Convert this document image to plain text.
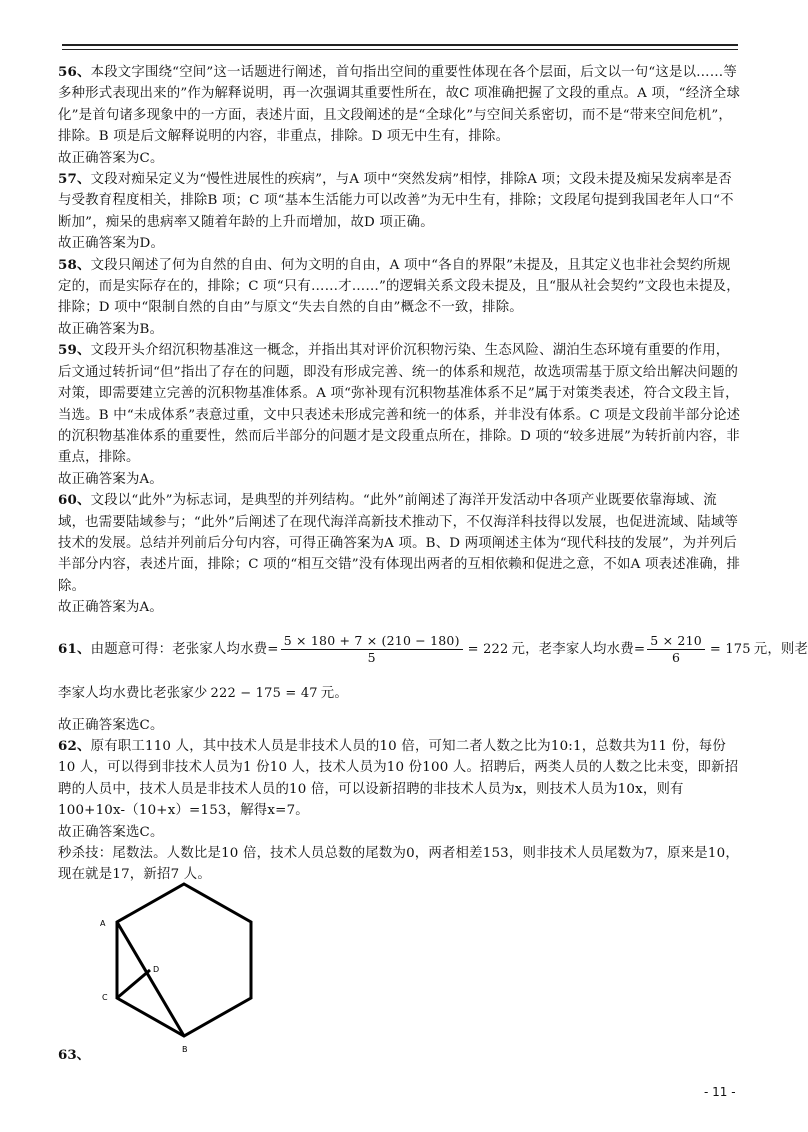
56、本段文字围绕“空间”这一话题进行阐述，首句指出空间的重要性体现在各个层面，后文以一句“这是以……等多种形式表现出来的”作为解释说明，再一次强调其重要性所在，故C 项准确把握了文段的重点。A 项，“经济全球化”是首句诸多现象中的一方面，表述片面，且文段阐述的是“全球化”与空间关系密切，而不是“带来空间危机”，排除。B 项是后文解释说明的内容，非重点，排除。D 项无中生有，排除。

故正确答案为C。

57、文段对痴呆定义为“慢性进展性的疾病”，与A 项中“突然发病”相悖，排除A 项；文段未提及痴呆发病率是否与受教育程度相关，排除B 项；C 项“基本生活能力可以改善”为无中生有，排除；文段尾句提到我国老年人口“不断加”，痴呆的患病率又随着年龄的上升而增加，故D 项正确。

故正确答案为D。

58、文段只阐述了何为自然的自由、何为文明的自由，A 项中“各自的界限”未提及，且其定义也非社会契约所规定的，而是实际存在的，排除；C 项“只有……才……”的逻辑关系文段未提及，且“服从社会契约”文段也未提及，排除；D 项中“限制自然的自由”与原文“失去自然的自由”概念不一致，排除。

故正确答案为B。

59、文段开头介绍沉积物基准这一概念，并指出其对评价沉积物污染、生态风险、湖泊生态环境有重要的作用，后文通过转折词“但”指出了存在的问题，即没有形成完善、统一的体系和规范，故选项需基于原文给出解决问题的对策，即需要建立完善的沉积物基准体系。A 项“弥补现有沉积物基准体系不足”属于对策类表述，符合文段主旨，当选。B 中“未成体系”表意过重，文中只表述未形成完善和统一的体系，并非没有体系。C 项是文段前半部分论述的沉积物基准体系的重要性，然而后半部分的问题才是文段重点所在，排除。D 项的“较多进展”为转折前内容，非重点，排除。

故正确答案为A。

60、文段以“此外”为标志词，是典型的并列结构。“此外”前阐述了海洋开发活动中各项产业既要依靠海域、流域，也需要陆域参与；“此外”后阐述了在现代海洋高新技术推动下，不仅海洋科技得以发展，也促进流域、陆域等技术的发展。总结并列前后分句内容，可得正确答案为A 项。B、D 两项阐述主体为“现代科技的发展”，为并列后半部分内容，表述片面，排除；C 项的“相互交错”没有体现出两者的互相依赖和促进之意，不如A 项表述准确，排除。

故正确答案为A。

61、 由题意可得：老张家人均水费= $\frac{5 \times 180 + 7 \times (210 - 180)}{5} = 222$ 元，老李家人均水费= $\frac{5 \times 210}{6} = 175$ 元，则老
李家人均水费比老张家少 222 − 175 = 47 元。

故正确答案选C。

62、原有职工110 人，其中技术人员是非技术人员的10 倍，可知二者人数之比为10:1，总数共为11 份，每份10 人，可以得到非技术人员为1 份10 人，技术人员为10 份100 人。招聘后，两类人员的人数之比未变，即新招聘的人员中，技术人员是非技术人员的10 倍，可以设新招聘的非技术人员为x，则技术人员为10x，则有100+10x-（10+x）=153，解得x=7。

故正确答案选C。

秒杀技：尾数法。人数比是10 倍，技术人员总数的尾数为0，两者相差153，则非技术人员尾数为7，原来是10，现在就是17，新招7 人。

A
C
D
B
63、
- 11 -
